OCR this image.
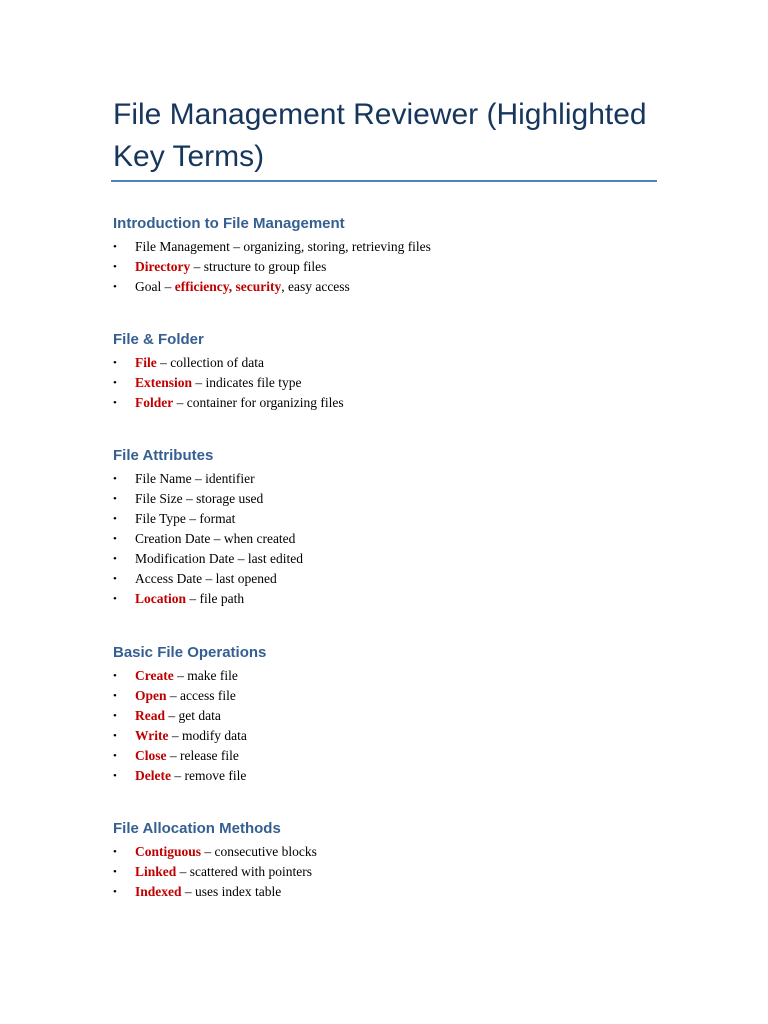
File Management Reviewer (Highlighted Key Terms)
Introduction to File Management
• File Management – organizing, storing, retrieving files
• Directory – structure to group files
• Goal – efficiency, security, easy access
File & Folder
• File – collection of data
• Extension – indicates file type
• Folder – container for organizing files
File Attributes
• File Name – identifier
• File Size – storage used
• File Type – format
• Creation Date – when created
• Modification Date – last edited
• Access Date – last opened
• Location – file path
Basic File Operations
• Create – make file
• Open – access file
• Read – get data
• Write – modify data
• Close – release file
• Delete – remove file
File Allocation Methods
• Contiguous – consecutive blocks
• Linked – scattered with pointers
• Indexed – uses index table
